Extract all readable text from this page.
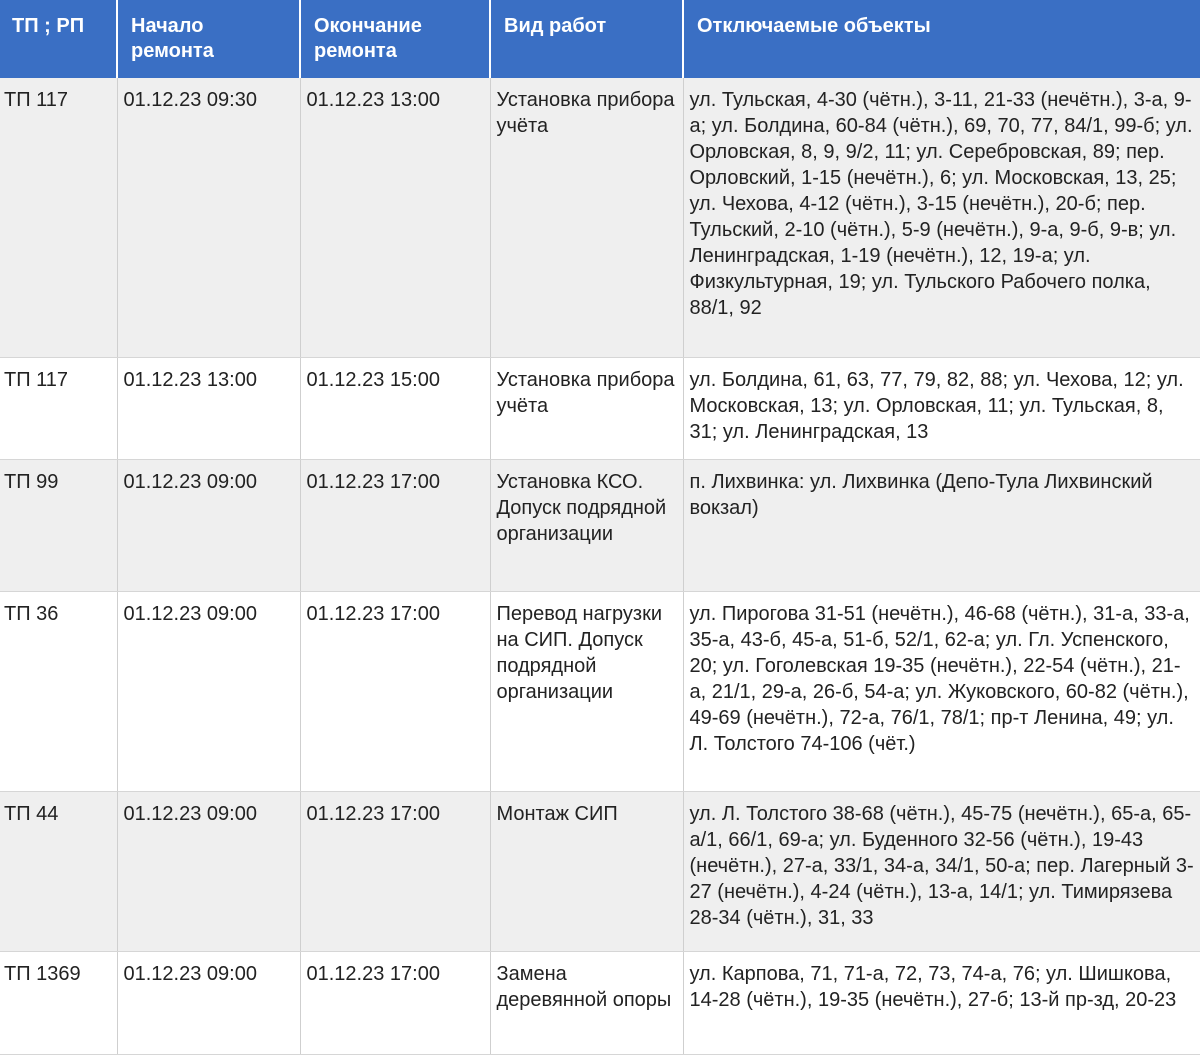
ТП ; РП	Начало ремонта	Окончание ремонта	Вид работ	Отключаемые объекты
ТП 117	01.12.23 09:30	01.12.23 13:00	Установка прибора учёта	ул. Тульская, 4-30 (чётн.), 3-11, 21-33 (нечётн.), 3-а, 9-а; ул. Болдина, 60-84 (чётн.), 69, 70, 77, 84/1, 99-б; ул. Орловская, 8, 9, 9/2, 11; ул. Серебровская, 89; пер. Орловский, 1-15 (нечётн.), 6; ул. Московская, 13, 25; ул. Чехова, 4-12 (чётн.), 3-15 (нечётн.), 20-б; пер. Тульский, 2-10 (чётн.), 5-9 (нечётн.), 9-а, 9-б, 9-в; ул. Ленинградская, 1-19 (нечётн.), 12, 19-а; ул. Физкультурная, 19; ул. Тульского Рабочего полка, 88/1, 92
ТП 117	01.12.23 13:00	01.12.23 15:00	Установка прибора учёта	ул. Болдина, 61, 63, 77, 79, 82, 88; ул. Чехова, 12; ул. Московская, 13; ул. Орловская, 11; ул. Тульская, 8, 31; ул. Ленинградская, 13
ТП 99	01.12.23 09:00	01.12.23 17:00	Установка КСО. Допуск подрядной организации	п. Лихвинка: ул. Лихвинка (Депо-Тула Лихвинский вокзал)
ТП 36	01.12.23 09:00	01.12.23 17:00	Перевод нагрузки на СИП. Допуск подрядной организации	ул. Пирогова 31-51 (нечётн.), 46-68 (чётн.), 31-а, 33-а, 35-а, 43-б, 45-а, 51-б, 52/1, 62-а; ул. Гл. Успенского, 20; ул. Гоголевская 19-35 (нечётн.), 22-54 (чётн.), 21-а, 21/1, 29-а, 26-б, 54-а; ул. Жуковского, 60-82 (чётн.), 49-69 (нечётн.), 72-а, 76/1, 78/1; пр-т Ленина, 49; ул. Л. Толстого 74-106 (чёт.)
ТП 44	01.12.23 09:00	01.12.23 17:00	Монтаж СИП	ул. Л. Толстого 38-68 (чётн.), 45-75 (нечётн.), 65-а, 65-а/1, 66/1, 69-а; ул. Буденного 32-56 (чётн.), 19-43 (нечётн.), 27-а, 33/1, 34-а, 34/1, 50-а; пер. Лагерный 3-27 (нечётн.), 4-24 (чётн.), 13-а, 14/1; ул. Тимирязева 28-34 (чётн.), 31, 33
ТП 1369	01.12.23 09:00	01.12.23 17:00	Замена деревянной опоры	ул. Карпова, 71, 71-а, 72, 73, 74-а, 76; ул. Шишкова, 14-28 (чётн.), 19-35 (нечётн.), 27-б; 13-й пр-зд, 20-23
